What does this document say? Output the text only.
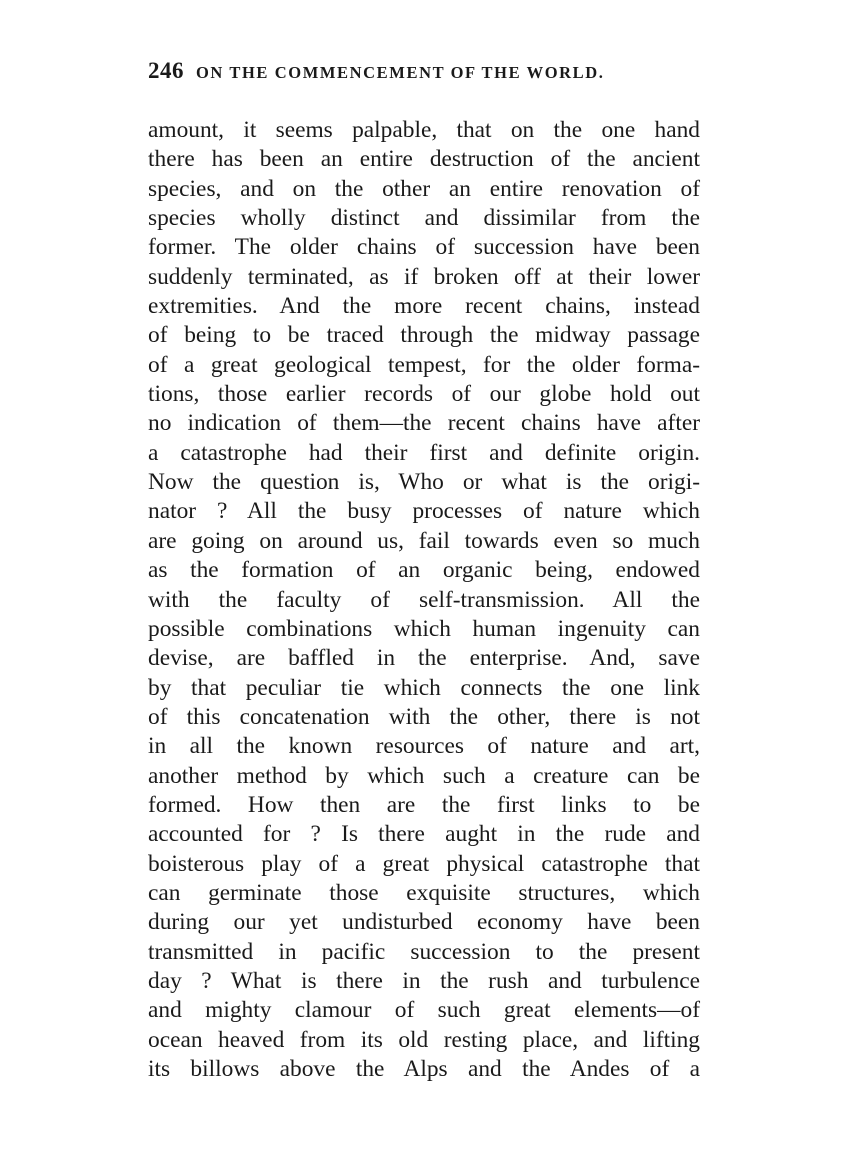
246 ON THE COMMENCEMENT OF THE WORLD.
amount, it seems palpable, that on the one hand
there has been an entire destruction of the ancient
species, and on the other an entire renovation of
species wholly distinct and dissimilar from the
former. The older chains of succession have been
suddenly terminated, as if broken off at their lower
extremities. And the more recent chains, instead
of being to be traced through the midway passage
of a great geological tempest, for the older forma-
tions, those earlier records of our globe hold out
no indication of them—the recent chains have after
a catastrophe had their first and definite origin.
Now the question is, Who or what is the origi-
nator ? All the busy processes of nature which
are going on around us, fail towards even so much
as the formation of an organic being, endowed
with the faculty of self-transmission. All the
possible combinations which human ingenuity can
devise, are baffled in the enterprise. And, save
by that peculiar tie which connects the one link
of this concatenation with the other, there is not
in all the known resources of nature and art,
another method by which such a creature can be
formed. How then are the first links to be
accounted for ? Is there aught in the rude and
boisterous play of a great physical catastrophe that
can germinate those exquisite structures, which
during our yet undisturbed economy have been
transmitted in pacific succession to the present
day ? What is there in the rush and turbulence
and mighty clamour of such great elements—of
ocean heaved from its old resting place, and lifting
its billows above the Alps and the Andes of a
